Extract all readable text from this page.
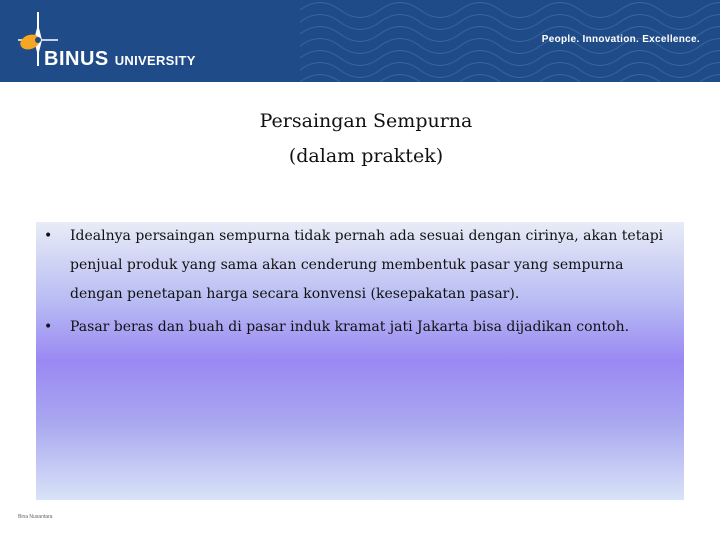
BINUS UNIVERSITY
People. Innovation. Excellence.
Persaingan Sempurna
(dalam praktek)
• Idealnya persaingan sempurna tidak pernah ada sesuai dengan cirinya, akan tetapi penjual produk yang sama akan cenderung membentuk pasar yang sempurna dengan penetapan harga secara konvensi (kesepakatan pasar).
• Pasar beras dan buah di pasar induk kramat jati Jakarta bisa dijadikan contoh.
Bina Nusantara
